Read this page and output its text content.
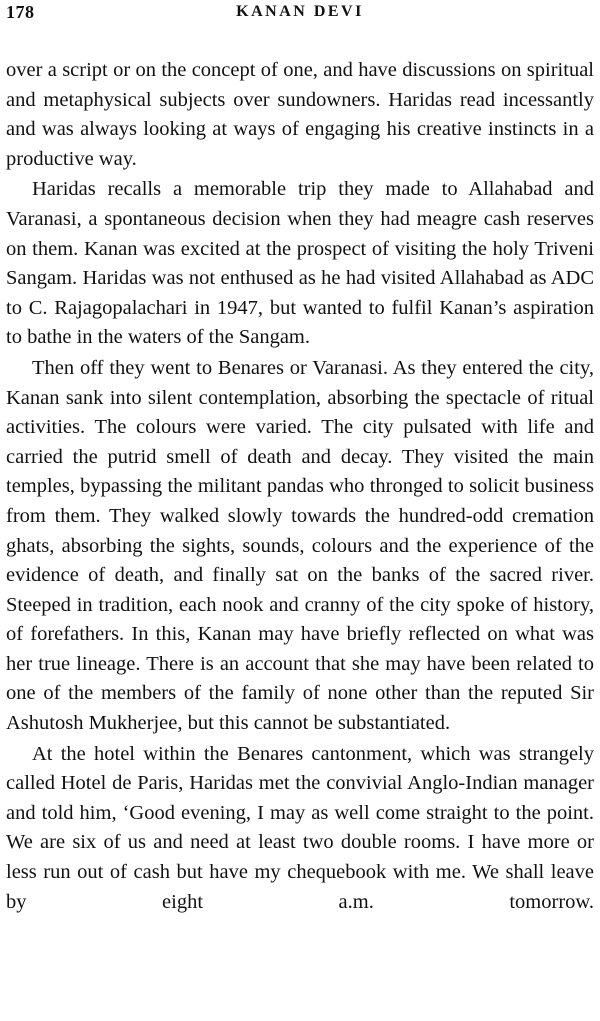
178	KANAN DEVI

over a script or on the concept of one, and have discussions on spiritual and metaphysical subjects over sundowners. Haridas read incessantly and was always looking at ways of engaging his creative instincts in a productive way.

Haridas recalls a memorable trip they made to Allahabad and Varanasi, a spontaneous decision when they had meagre cash reserves on them. Kanan was excited at the prospect of visiting the holy Triveni Sangam. Haridas was not enthused as he had visited Allahabad as ADC to C. Rajagopalachari in 1947, but wanted to fulfil Kanan’s aspiration to bathe in the waters of the Sangam.

Then off they went to Benares or Varanasi. As they entered the city, Kanan sank into silent contemplation, absorbing the spectacle of ritual activities. The colours were varied. The city pulsated with life and carried the putrid smell of death and decay. They visited the main temples, bypassing the militant pandas who thronged to solicit business from them. They walked slowly towards the hundred-odd cremation ghats, absorbing the sights, sounds, colours and the experience of the evidence of death, and finally sat on the banks of the sacred river. Steeped in tradition, each nook and cranny of the city spoke of history, of forefathers. In this, Kanan may have briefly reflected on what was her true lineage. There is an account that she may have been related to one of the members of the family of none other than the reputed Sir Ashutosh Mukherjee, but this cannot be substantiated.

At the hotel within the Benares cantonment, which was strangely called Hotel de Paris, Haridas met the convivial Anglo-Indian manager and told him, ‘Good evening, I may as well come straight to the point. We are six of us and need at least two double rooms. I have more or less run out of cash but have my chequebook with me. We shall leave by eight a.m. tomorrow.
